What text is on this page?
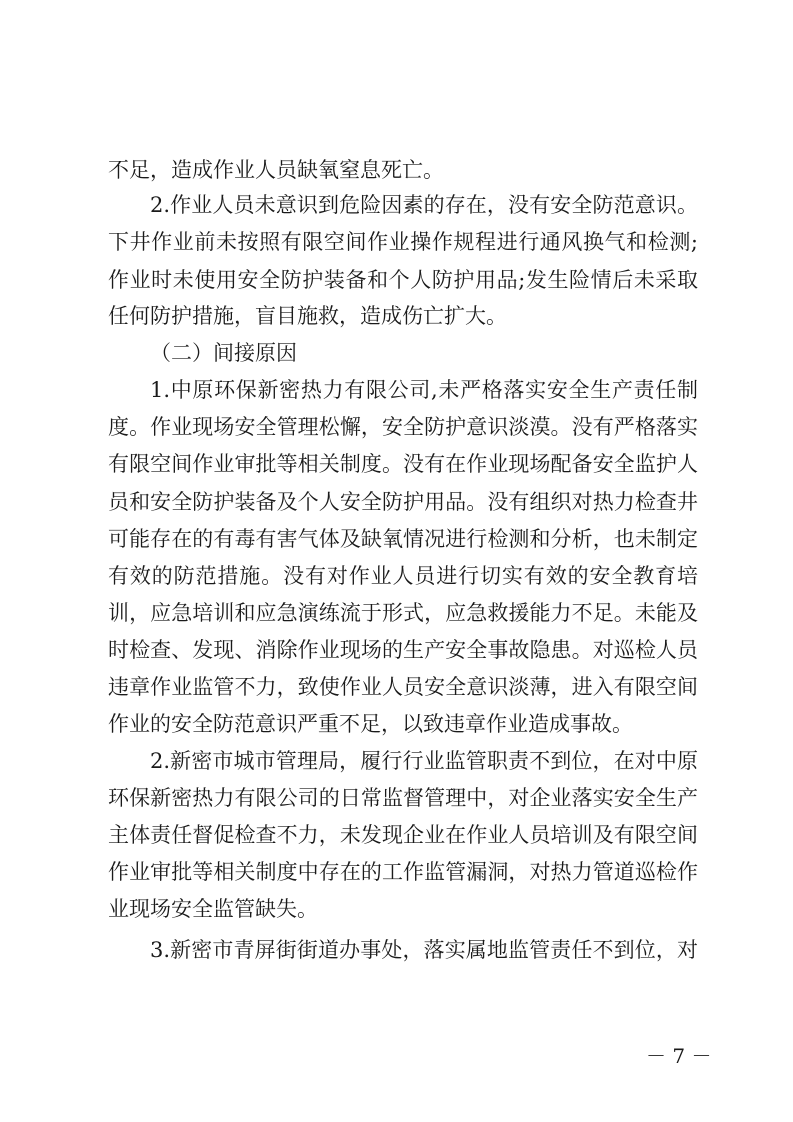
不足，造成作业人员缺氧窒息死亡。
2.作业人员未意识到危险因素的存在，没有安全防范意识。
下井作业前未按照有限空间作业操作规程进行通风换气和检测;
作业时未使用安全防护装备和个人防护用品;发生险情后未采取
任何防护措施，盲目施救，造成伤亡扩大。
（二）间接原因
1.中原环保新密热力有限公司,未严格落实安全生产责任制
度。作业现场安全管理松懈，安全防护意识淡漠。没有严格落实
有限空间作业审批等相关制度。没有在作业现场配备安全监护人
员和安全防护装备及个人安全防护用品。没有组织对热力检查井
可能存在的有毒有害气体及缺氧情况进行检测和分析，也未制定
有效的防范措施。没有对作业人员进行切实有效的安全教育培
训，应急培训和应急演练流于形式，应急救援能力不足。未能及
时检查、发现、消除作业现场的生产安全事故隐患。对巡检人员
违章作业监管不力，致使作业人员安全意识淡薄，进入有限空间
作业的安全防范意识严重不足，以致违章作业造成事故。
2.新密市城市管理局，履行行业监管职责不到位，在对中原
环保新密热力有限公司的日常监督管理中，对企业落实安全生产
主体责任督促检查不力，未发现企业在作业人员培训及有限空间
作业审批等相关制度中存在的工作监管漏洞，对热力管道巡检作
业现场安全监管缺失。
3.新密市青屏街街道办事处，落实属地监管责任不到位，对
－ 7 －
